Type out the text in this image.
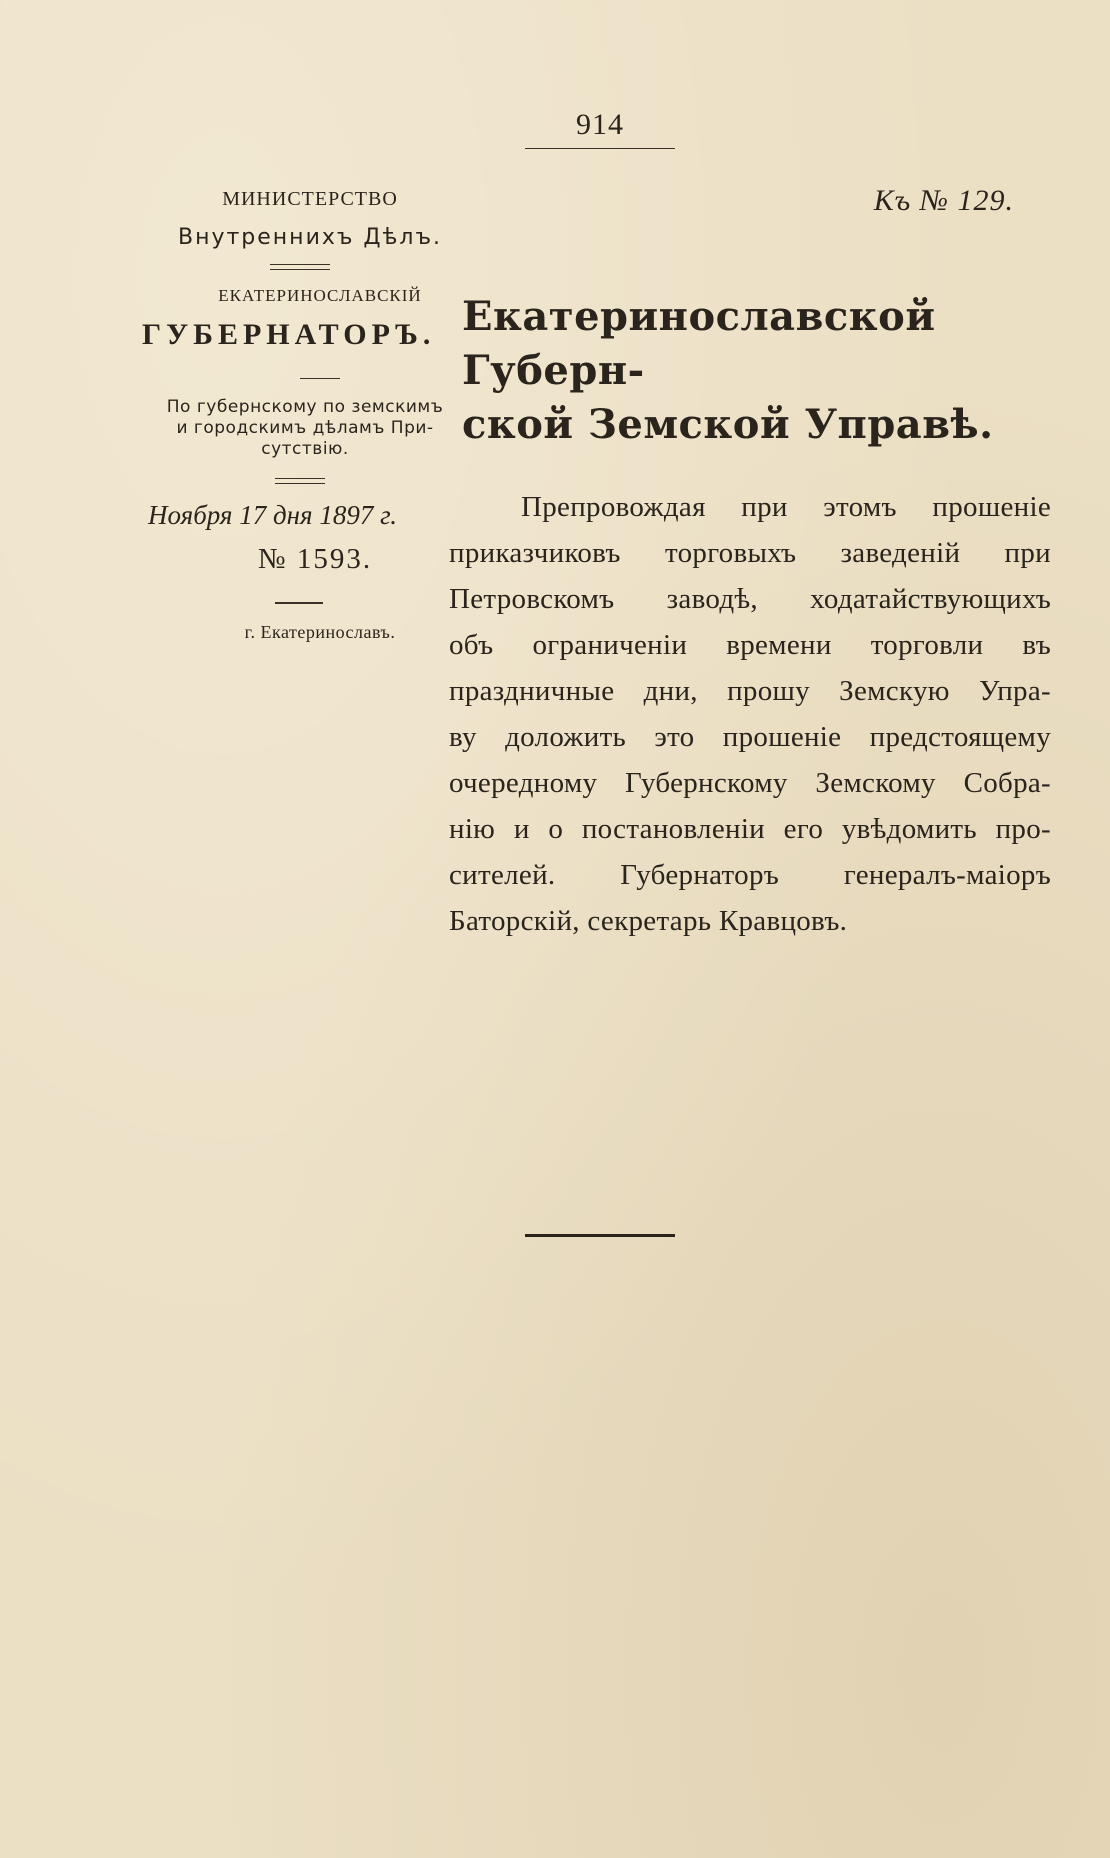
914
Къ № 129.
МИНИСТЕРСТВО
Внутреннихъ Дѣлъ.
ЕКАТЕРИНОСЛАВСКІЙ
ГУБЕРНАТОРЪ.
По губернскому по земскимъ
и городскимъ дѣламъ При-
сутствію.
Ноября 17 дня 1897 г.
№ 1593.
г. Екатеринославъ.
Екатеринославской Губерн-
ской Земской Управѣ.
Препровождая при этомъ прошеніе
приказчиковъ торговыхъ заведеній при
Петровскомъ заводѣ, ходатайствующихъ
объ ограниченіи времени торговли въ
праздничные дни, прошу Земскую Упра-
ву доложить это прошеніе предстоящему
очередному Губернскому Земскому Собра-
нію и о постановленіи его увѣдомить про-
сителей. Губернаторъ генералъ-маіоръ
Баторскій, секретарь Кравцовъ.
